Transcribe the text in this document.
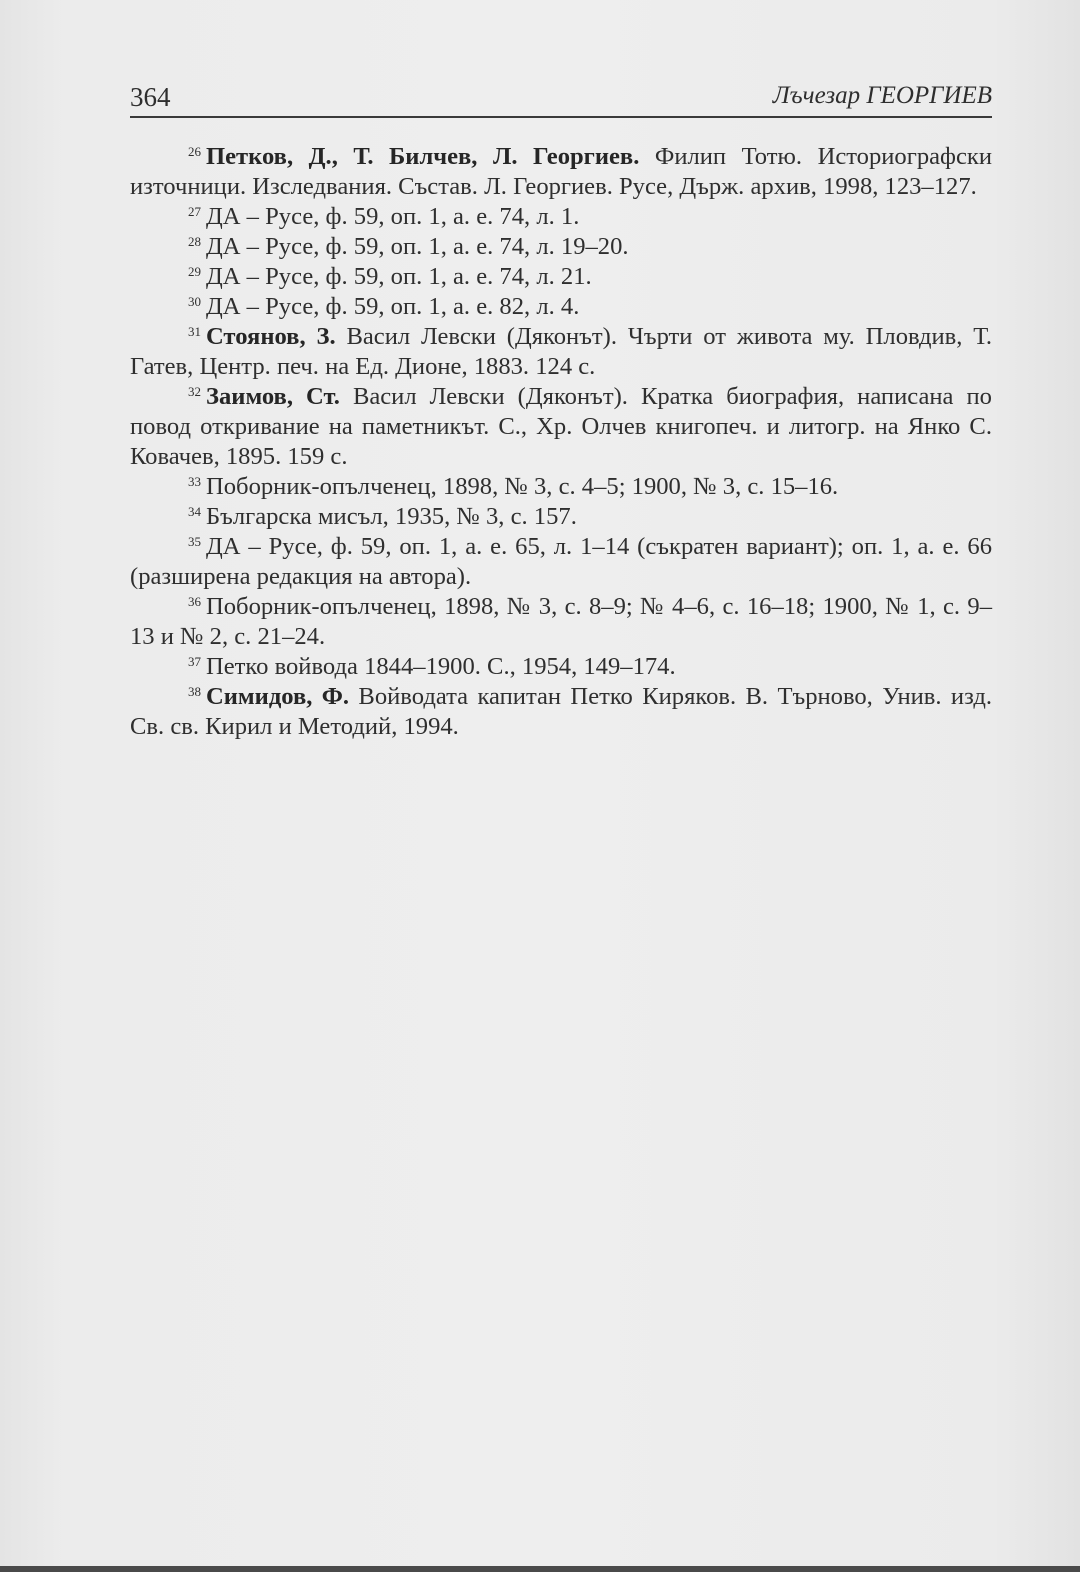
364	Лъчезар ГЕОРГИЕВ

$^{26}$ Петков, Д., Т. Билчев, Л. Георгиев. Филип Тотю. Историографски източници. Изследвания. Състав. Л. Георгиев. Русе, Държ. архив, 1998, 123–127.

$^{27}$ ДА – Русе, ф. 59, оп. 1, а. е. 74, л. 1.

$^{28}$ ДА – Русе, ф. 59, оп. 1, а. е. 74, л. 19–20.

$^{29}$ ДА – Русе, ф. 59, оп. 1, а. е. 74, л. 21.

$^{30}$ ДА – Русе, ф. 59, оп. 1, а. е. 82, л. 4.

$^{31}$ Стоянов, З. Васил Левски (Дяконът). Чърти от живота му. Пловдив, Т. Гатев, Центр. печ. на Ед. Дионе, 1883. 124 с.

$^{32}$ Заимов, Ст. Васил Левски (Дяконът). Кратка биография, написана по повод откривание на паметникът. С., Хр. Олчев книгопеч. и литогр. на Янко С. Ковачев, 1895. 159 с.

$^{33}$ Поборник-опълченец, 1898, № 3, с. 4–5; 1900, № 3, с. 15–16.

$^{34}$ Българска мисъл, 1935, № 3, с. 157.

$^{35}$ ДА – Русе, ф. 59, оп. 1, а. е. 65, л. 1–14 (съкратен вариант); оп. 1, а. е. 66 (разширена редакция на автора).

$^{36}$ Поборник-опълченец, 1898, № 3, с. 8–9; № 4–6, с. 16–18; 1900, № 1, с. 9–13 и № 2, с. 21–24.

$^{37}$ Петко войвода 1844–1900. С., 1954, 149–174.

$^{38}$ Симидов, Ф. Войводата капитан Петко Киряков. В. Търново, Унив. изд. Св. св. Кирил и Методий, 1994.
